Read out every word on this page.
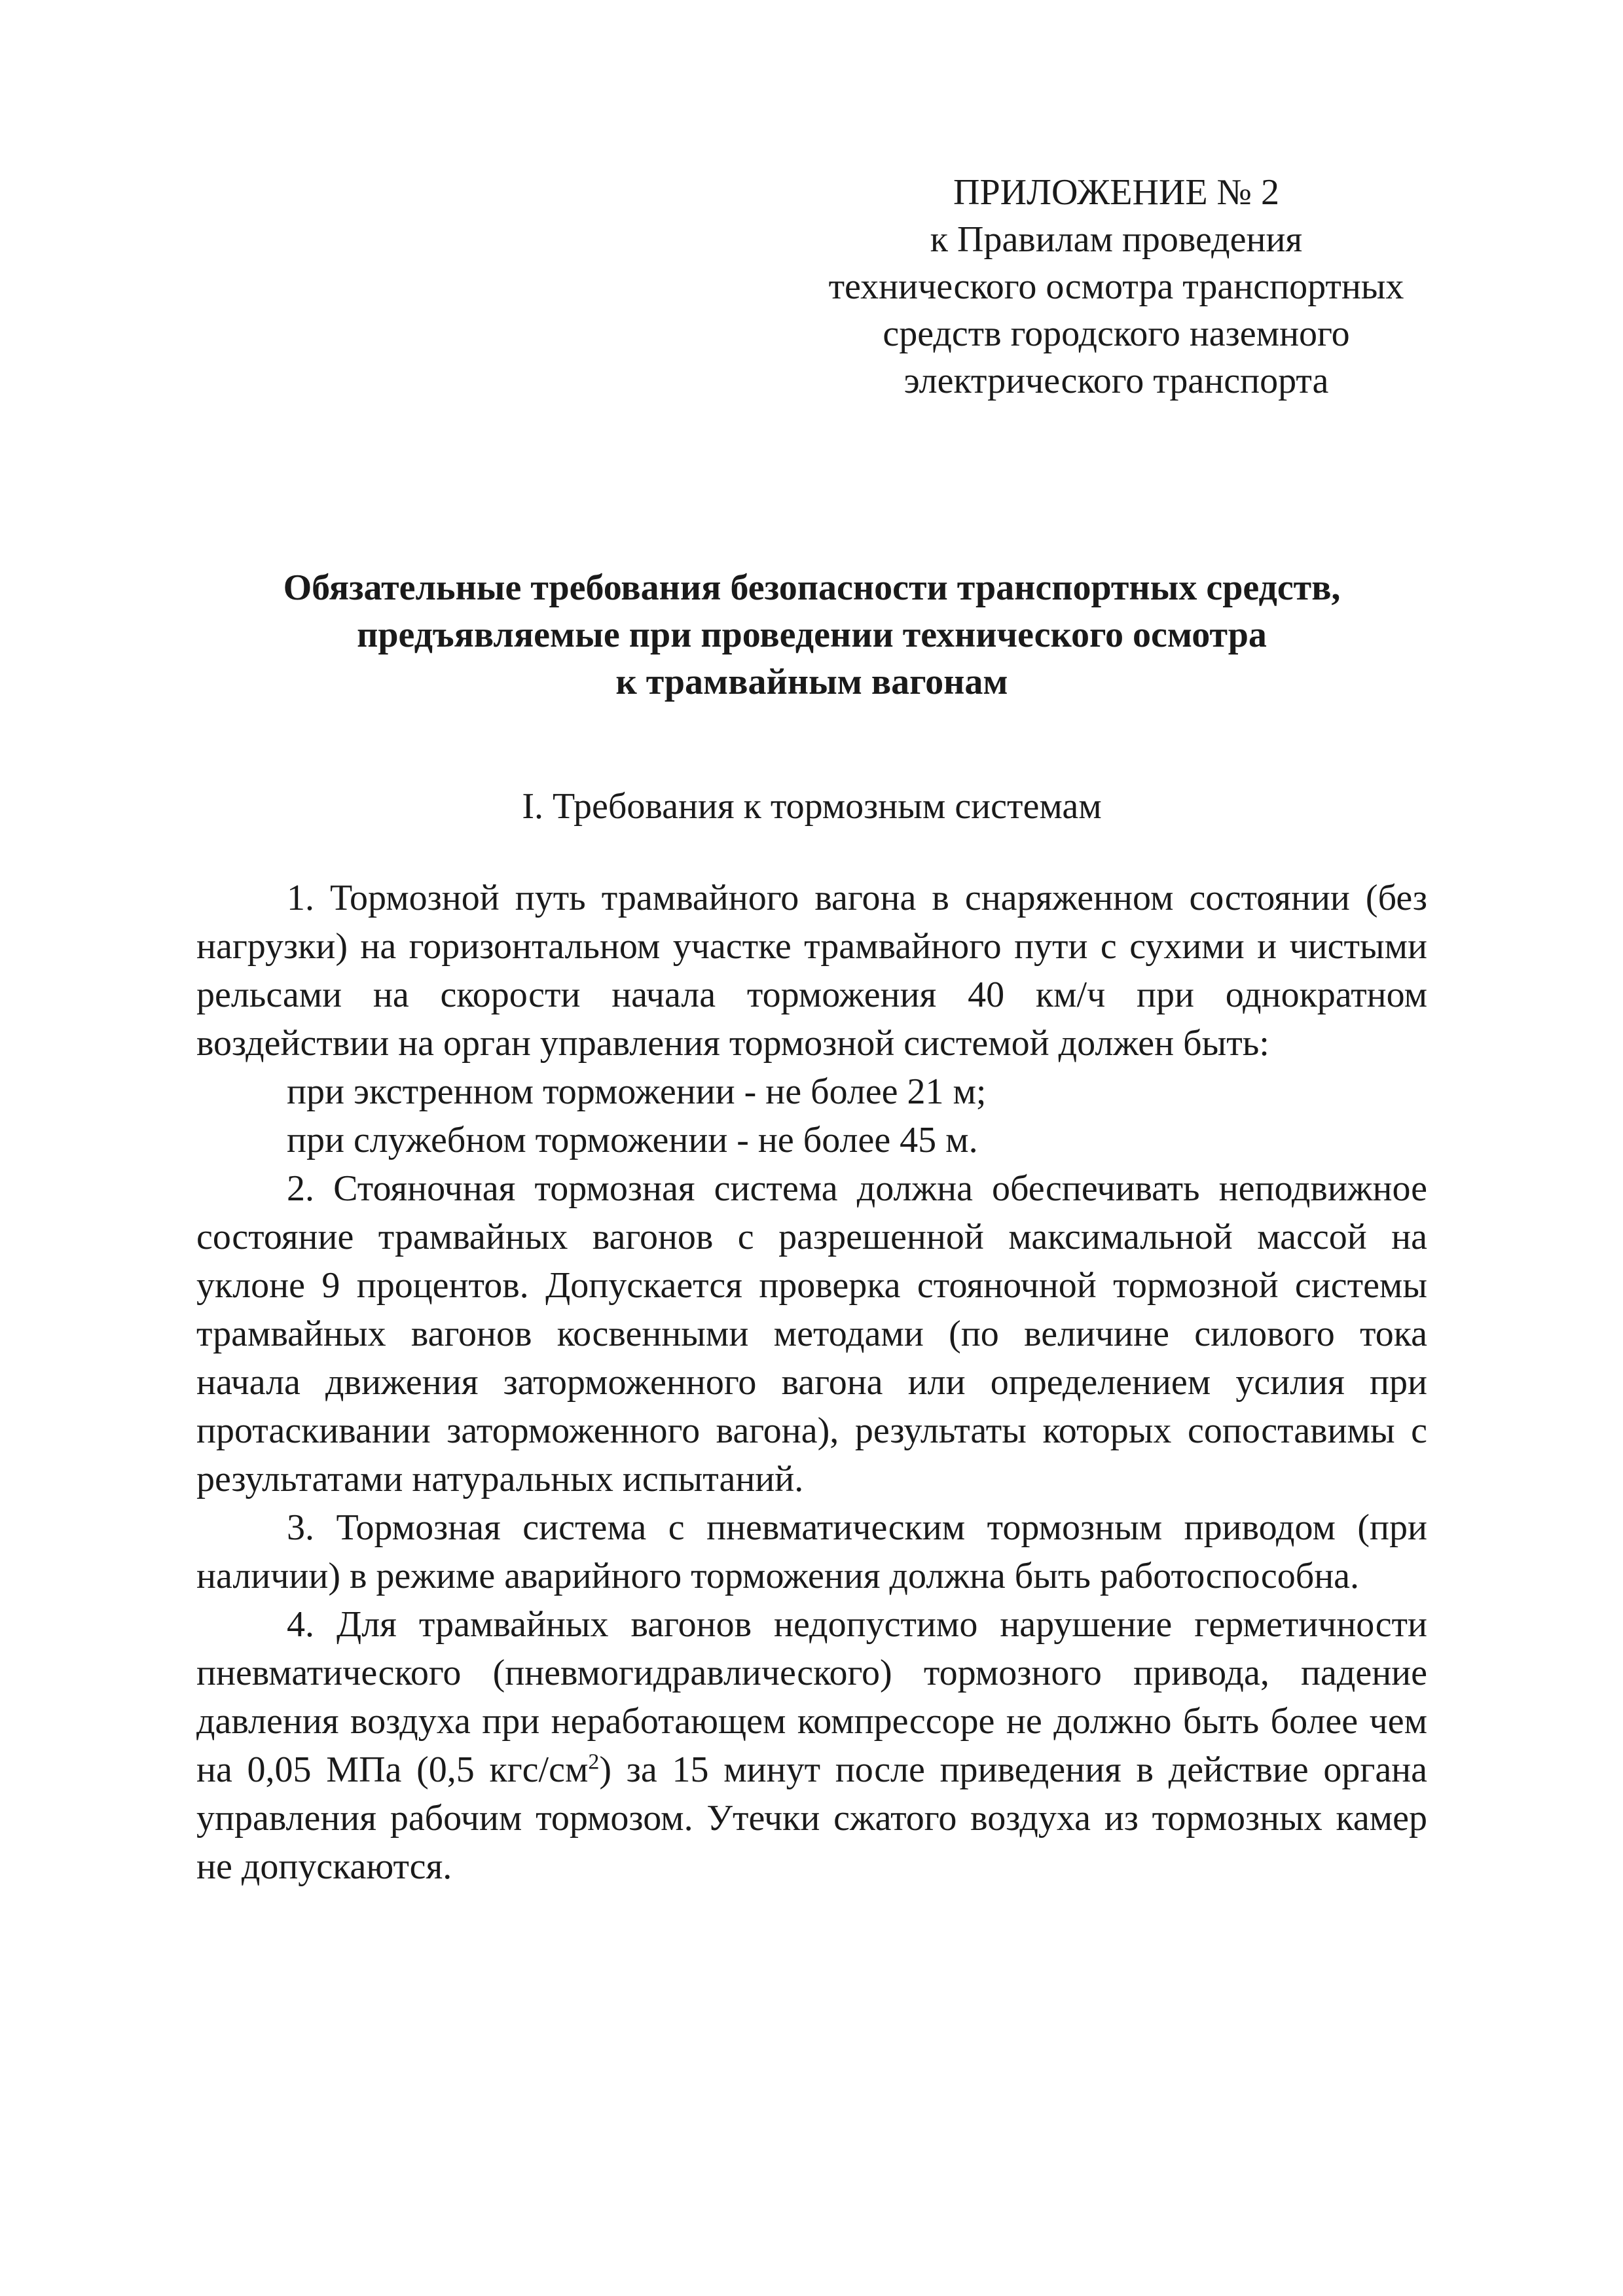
ПРИЛОЖЕНИЕ № 2
к Правилам проведения
технического осмотра транспортных
средств городского наземного
электрического транспорта
Обязательные требования безопасности транспортных средств,
предъявляемые при проведении технического осмотра
к трамвайным вагонам
I. Требования к тормозным системам

1. Тормозной путь трамвайного вагона в снаряженном состоянии (без нагрузки) на горизонтальном участке трамвайного пути с сухими и чистыми рельсами на скорости начала торможения 40 км/ч при однократном воздействии на орган управления тормозной системой должен быть:

при экстренном торможении - не более 21 м;

при служебном торможении - не более 45 м.

2. Стояночная тормозная система должна обеспечивать неподвижное состояние трамвайных вагонов с разрешенной максимальной массой на уклоне 9 процентов. Допускается проверка стояночной тормозной системы трамвайных вагонов косвенными методами (по величине силового тока начала движения заторможенного вагона или определением усилия при протаскивании заторможенного вагона), результаты которых сопоставимы с результатами натуральных испытаний.

3. Тормозная система с пневматическим тормозным приводом (при наличии) в режиме аварийного торможения должна быть работоспособна.

4. Для трамвайных вагонов недопустимо нарушение герметичности пневматического (пневмогидравлического) тормозного привода, падение давления воздуха при неработающем компрессоре не должно быть более чем на 0,05 МПа (0,5 кгс/$см^2$) за 15 минут после приведения в действие органа управления рабочим тормозом. Утечки сжатого воздуха из тормозных камер не допускаются.
